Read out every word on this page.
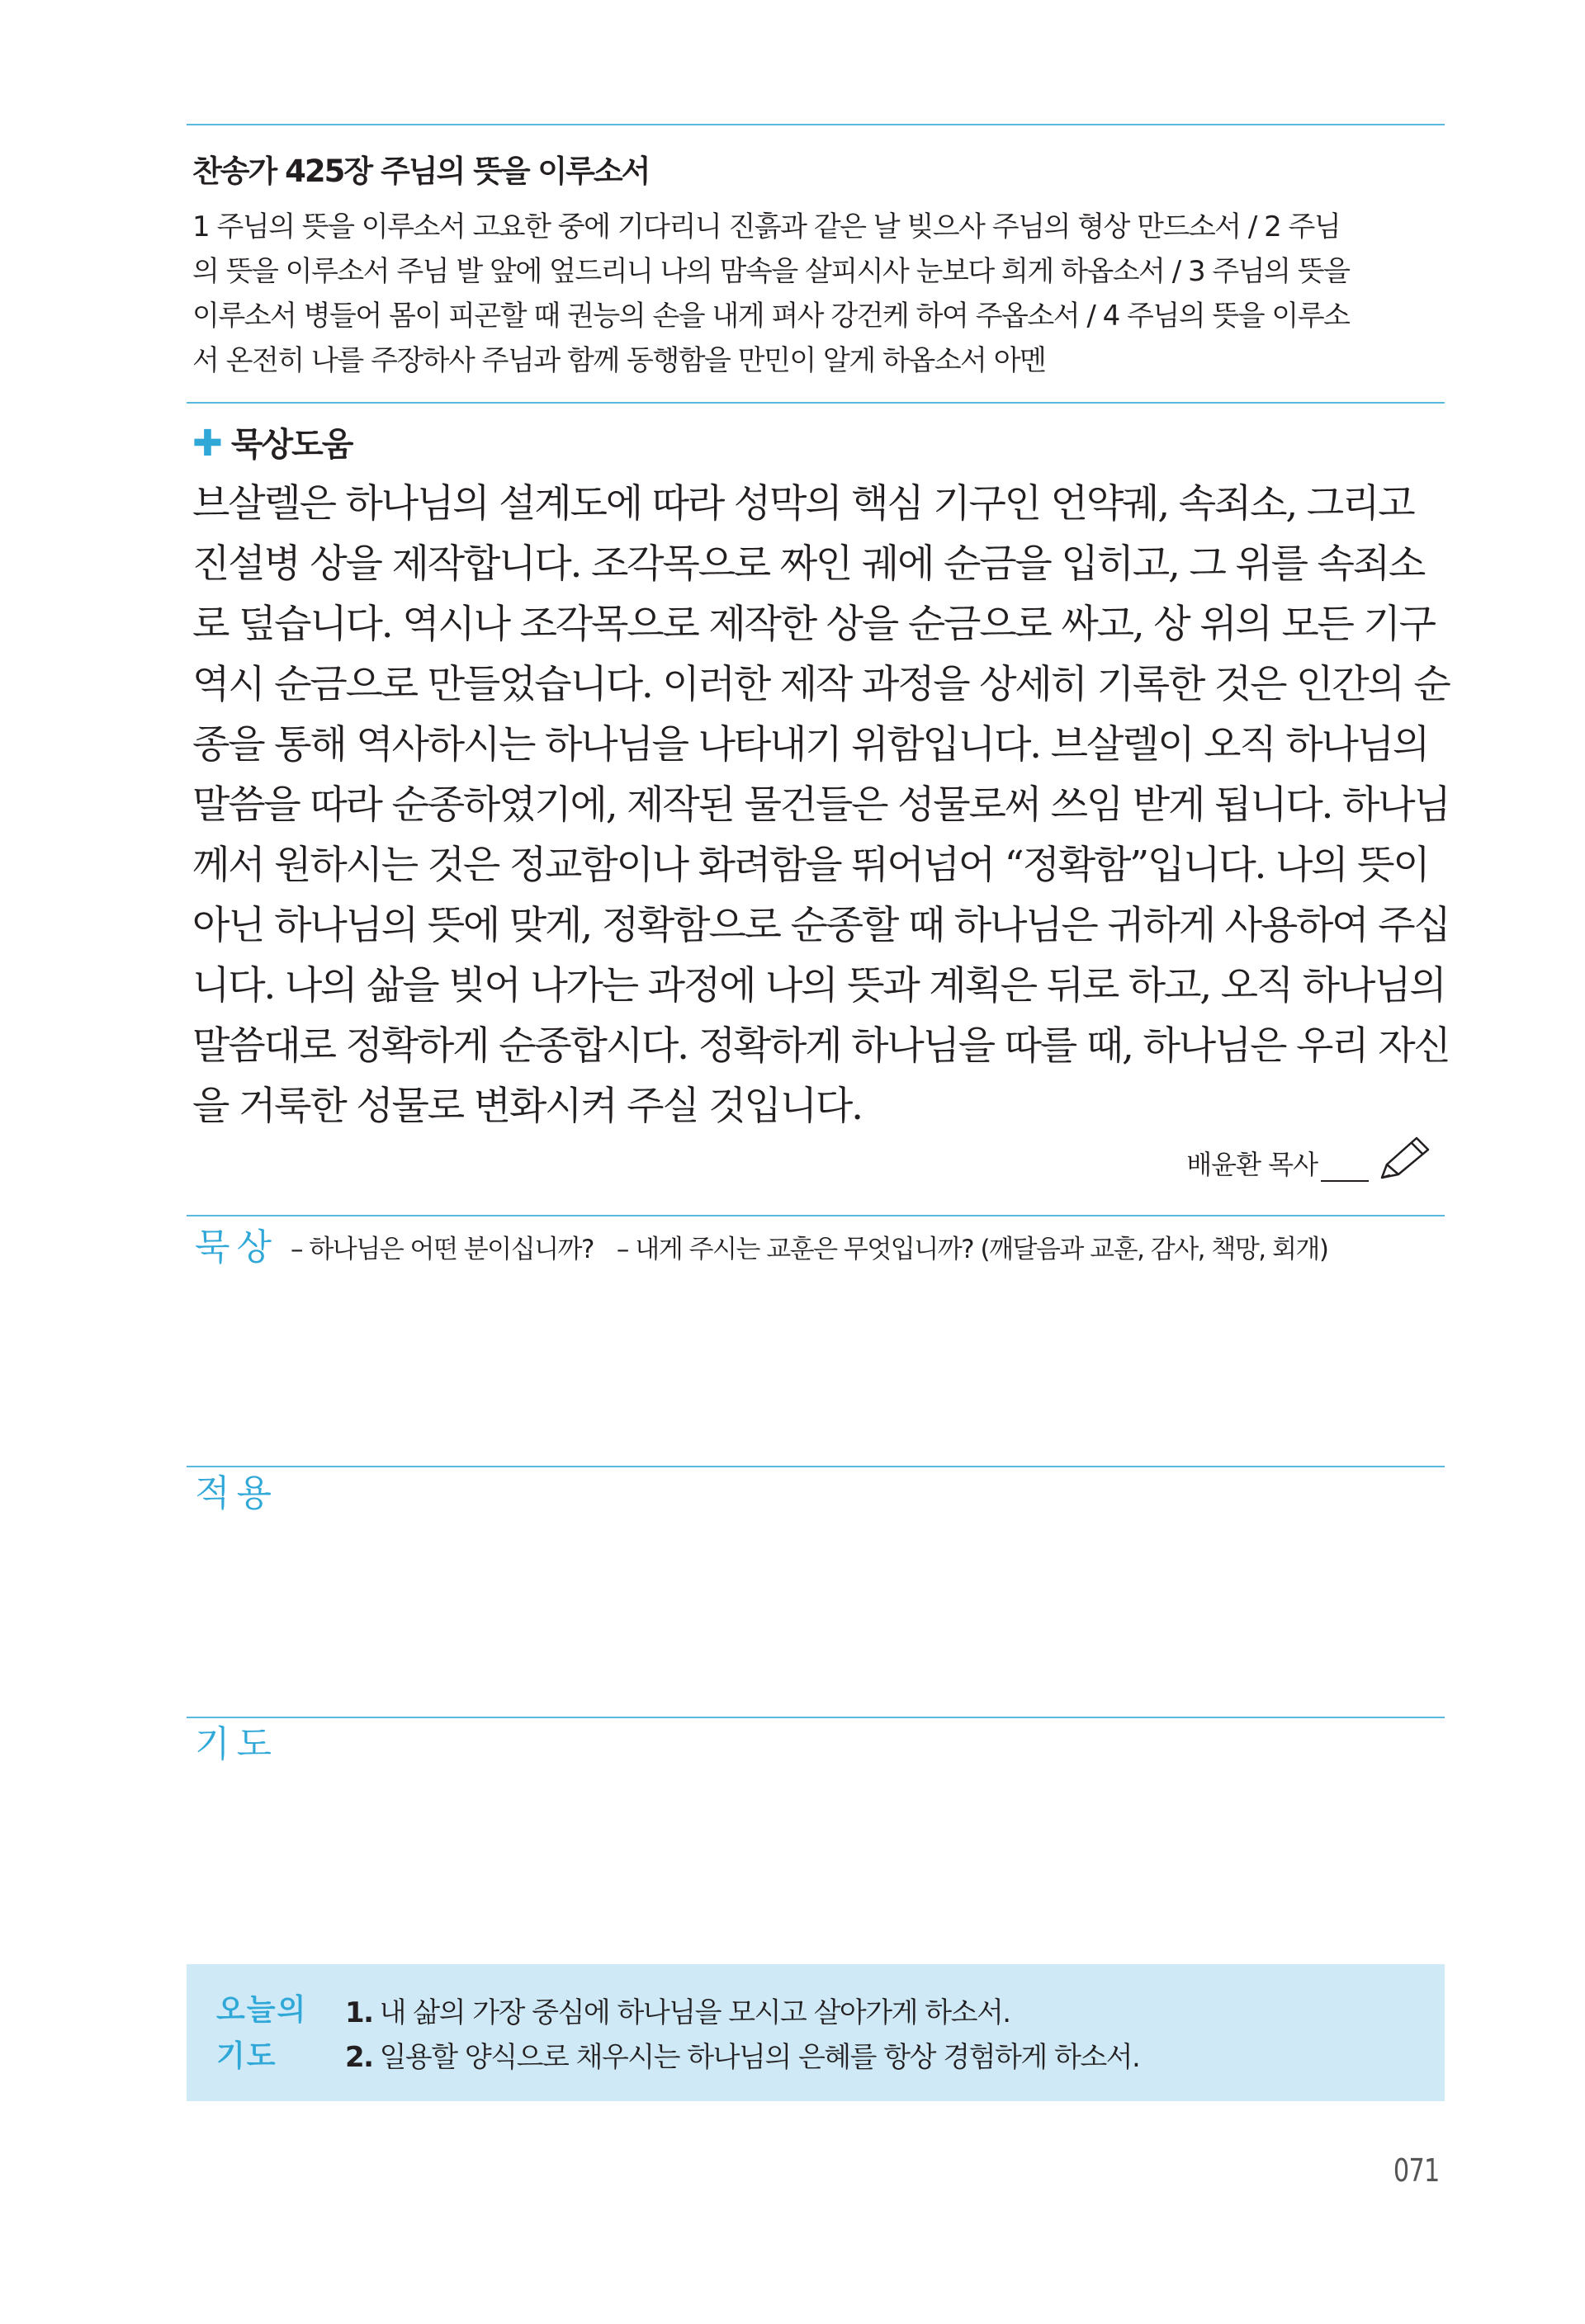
찬송가 425장 주님의 뜻을 이루소서
1 주님의 뜻을 이루소서 고요한 중에 기다리니 진흙과 같은 날 빚으사 주님의 형상 만드소서 / 2 주님
의 뜻을 이루소서 주님 발 앞에 엎드리니 나의 맘속을 살피시사 눈보다 희게 하옵소서 / 3 주님의 뜻을
이루소서 병들어 몸이 피곤할 때 권능의 손을 내게 펴사 강건케 하여 주옵소서 / 4 주님의 뜻을 이루소
서 온전히 나를 주장하사 주님과 함께 동행함을 만민이 알게 하옵소서 아멘
✚ 묵상도움
브살렐은 하나님의 설계도에 따라 성막의 핵심 기구인 언약궤, 속죄소, 그리고
진설병 상을 제작합니다. 조각목으로 짜인 궤에 순금을 입히고, 그 위를 속죄소
로 덮습니다. 역시나 조각목으로 제작한 상을 순금으로 싸고, 상 위의 모든 기구
역시 순금으로 만들었습니다. 이러한 제작 과정을 상세히 기록한 것은 인간의 순
종을 통해 역사하시는 하나님을 나타내기 위함입니다. 브살렐이 오직 하나님의
말씀을 따라 순종하였기에, 제작된 물건들은 성물로써 쓰임 받게 됩니다. 하나님
께서 원하시는 것은 정교함이나 화려함을 뛰어넘어 “정확함”입니다. 나의 뜻이
아닌 하나님의 뜻에 맞게, 정확함으로 순종할 때 하나님은 귀하게 사용하여 주십
니다. 나의 삶을 빚어 나가는 과정에 나의 뜻과 계획은 뒤로 하고, 오직 하나님의
말씀대로 정확하게 순종합시다. 정확하게 하나님을 따를 때, 하나님은 우리 자신
을 거룩한 성물로 변화시켜 주실 것입니다.
배윤환 목사
묵상 – 하나님은 어떤 분이십니까? – 내게 주시는 교훈은 무엇입니까? (깨달음과 교훈, 감사, 책망, 회개)
적용
기도
오늘의
기도
1. 내 삶의 가장 중심에 하나님을 모시고 살아가게 하소서.
2. 일용할 양식으로 채우시는 하나님의 은혜를 항상 경험하게 하소서.
071
